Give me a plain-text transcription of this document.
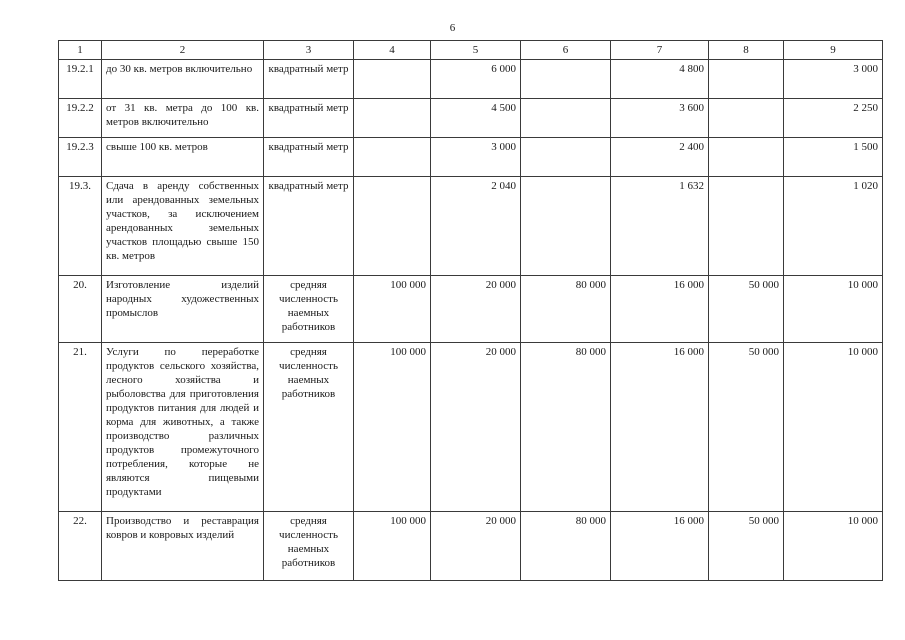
6
1	2	3	4	5	6	7	8	9
19.2.1	до 30 кв. метров включительно	квадратный метр		6 000		4 800		3 000
19.2.2	от 31 кв. метра до 100 кв. метров включительно	квадратный метр		4 500		3 600		2 250
19.2.3	свыше 100 кв. метров	квадратный метр		3 000		2 400		1 500
19.3.	Сдача в аренду собственных или арендованных земельных участков, за исключением арендованных земельных участков площадью свыше 150 кв. метров	квадратный метр		2 040		1 632		1 020
20.	Изготовление изделий народных художественных промыслов	средняя численность наемных работников	100 000	20 000	80 000	16 000	50 000	10 000
21.	Услуги по переработке продуктов сельского хозяйства, лесного хозяйства и рыболовства для приготовления продуктов питания для людей и корма для животных, а также производство различных продуктов промежуточного потребления, которые не являются пищевыми продуктами	средняя численность наемных работников	100 000	20 000	80 000	16 000	50 000	10 000
22.	Производство и реставрация ковров и ковровых изделий	средняя численность наемных работников	100 000	20 000	80 000	16 000	50 000	10 000
